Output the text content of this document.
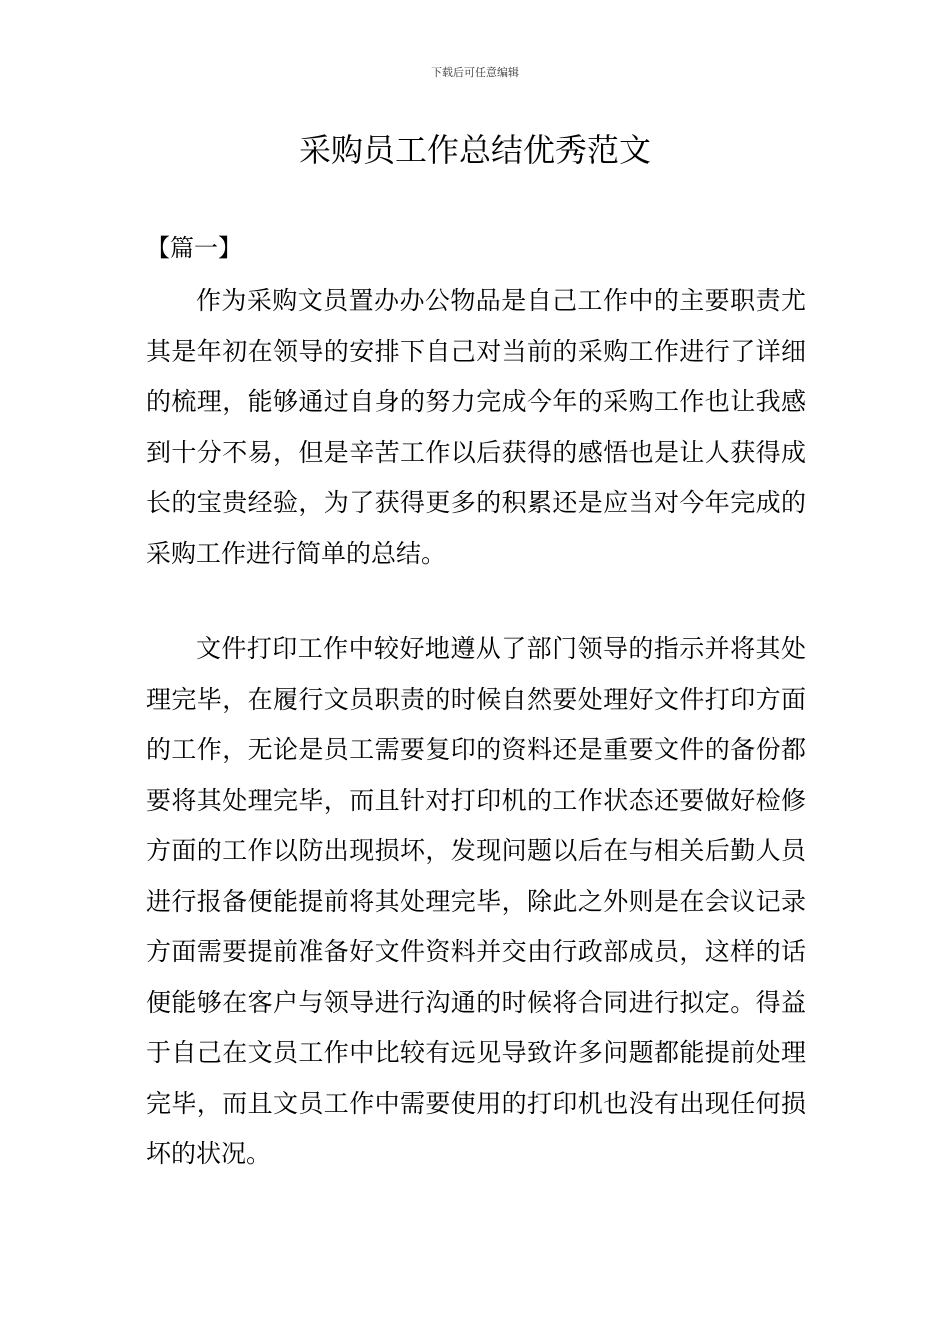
下载后可任意编辑
采购员工作总结优秀范文
【篇一】

作为采购文员置办办公物品是自己工作中的主要职责尤其是年初在领导的安排下自己对当前的采购工作进行了详细的梳理，能够通过自身的努力完成今年的采购工作也让我感到十分不易，但是辛苦工作以后获得的感悟也是让人获得成长的宝贵经验，为了获得更多的积累还是应当对今年完成的采购工作进行简单的总结。

文件打印工作中较好地遵从了部门领导的指示并将其处理完毕，在履行文员职责的时候自然要处理好文件打印方面的工作，无论是员工需要复印的资料还是重要文件的备份都要将其处理完毕，而且针对打印机的工作状态还要做好检修方面的工作以防出现损坏，发现问题以后在与相关后勤人员进行报备便能提前将其处理完毕，除此之外则是在会议记录方面需要提前准备好文件资料并交由行政部成员，这样的话便能够在客户与领导进行沟通的时候将合同进行拟定。得益于自己在文员工作中比较有远见导致许多问题都能提前处理完毕，而且文员工作中需要使用的打印机也没有出现任何损坏的状况。
